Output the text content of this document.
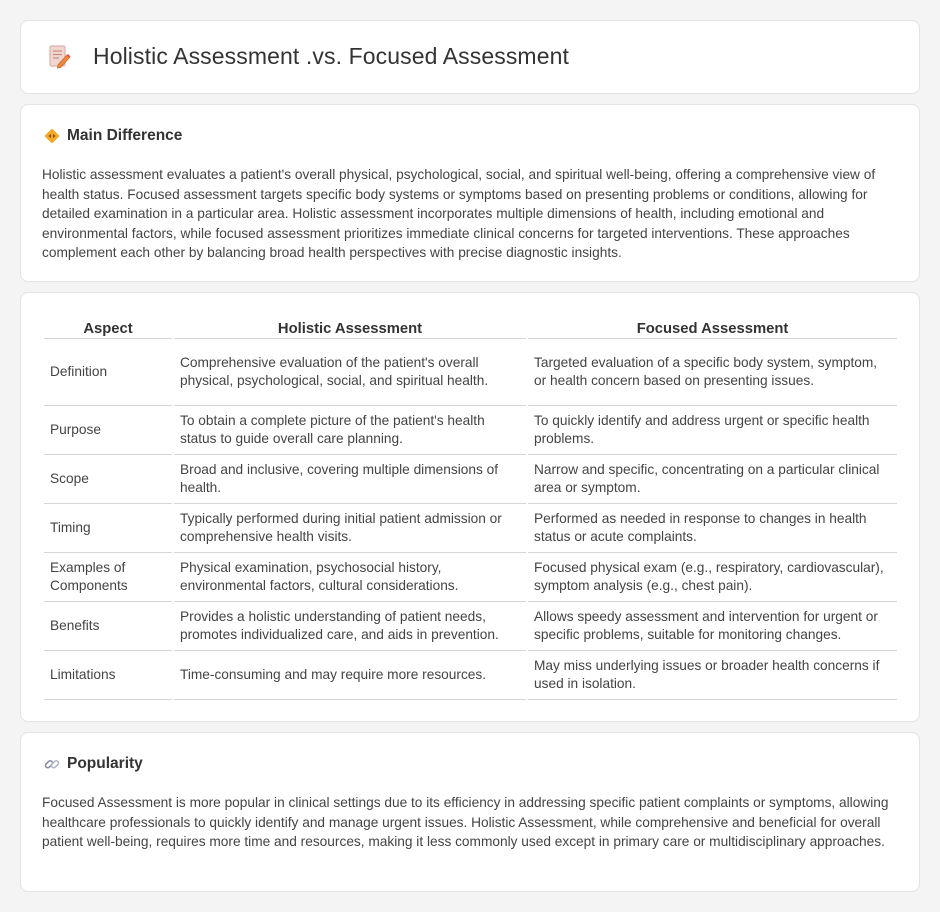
Holistic Assessment .vs. Focused Assessment
Main Difference

Holistic assessment evaluates a patient's overall physical, psychological, social, and spiritual well-being, offering a comprehensive view of health status. Focused assessment targets specific body systems or symptoms based on presenting problems or conditions, allowing for detailed examination in a particular area. Holistic assessment incorporates multiple dimensions of health, including emotional and environmental factors, while focused assessment prioritizes immediate clinical concerns for targeted interventions. These approaches complement each other by balancing broad health perspectives with precise diagnostic insights.

Aspect	Holistic Assessment	Focused Assessment
Definition	Comprehensive evaluation of the patient's overall physical, psychological, social, and spiritual health.	Targeted evaluation of a specific body system, symptom, or health concern based on presenting issues.
Purpose	To obtain a complete picture of the patient's health status to guide overall care planning.	To quickly identify and address urgent or specific health problems.
Scope	Broad and inclusive, covering multiple dimensions of health.	Narrow and specific, concentrating on a particular clinical area or symptom.
Timing	Typically performed during initial patient admission or comprehensive health visits.	Performed as needed in response to changes in health status or acute complaints.
Examples of Components	Physical examination, psychosocial history, environmental factors, cultural considerations.	Focused physical exam (e.g., respiratory, cardiovascular), symptom analysis (e.g., chest pain).
Benefits	Provides a holistic understanding of patient needs, promotes individualized care, and aids in prevention.	Allows speedy assessment and intervention for urgent or specific problems, suitable for monitoring changes.
Limitations	Time-consuming and may require more resources.	May miss underlying issues or broader health concerns if used in isolation.
Popularity

Focused Assessment is more popular in clinical settings due to its efficiency in addressing specific patient complaints or symptoms, allowing healthcare professionals to quickly identify and manage urgent issues. Holistic Assessment, while comprehensive and beneficial for overall patient well-being, requires more time and resources, making it less commonly used except in primary care or multidisciplinary approaches.
